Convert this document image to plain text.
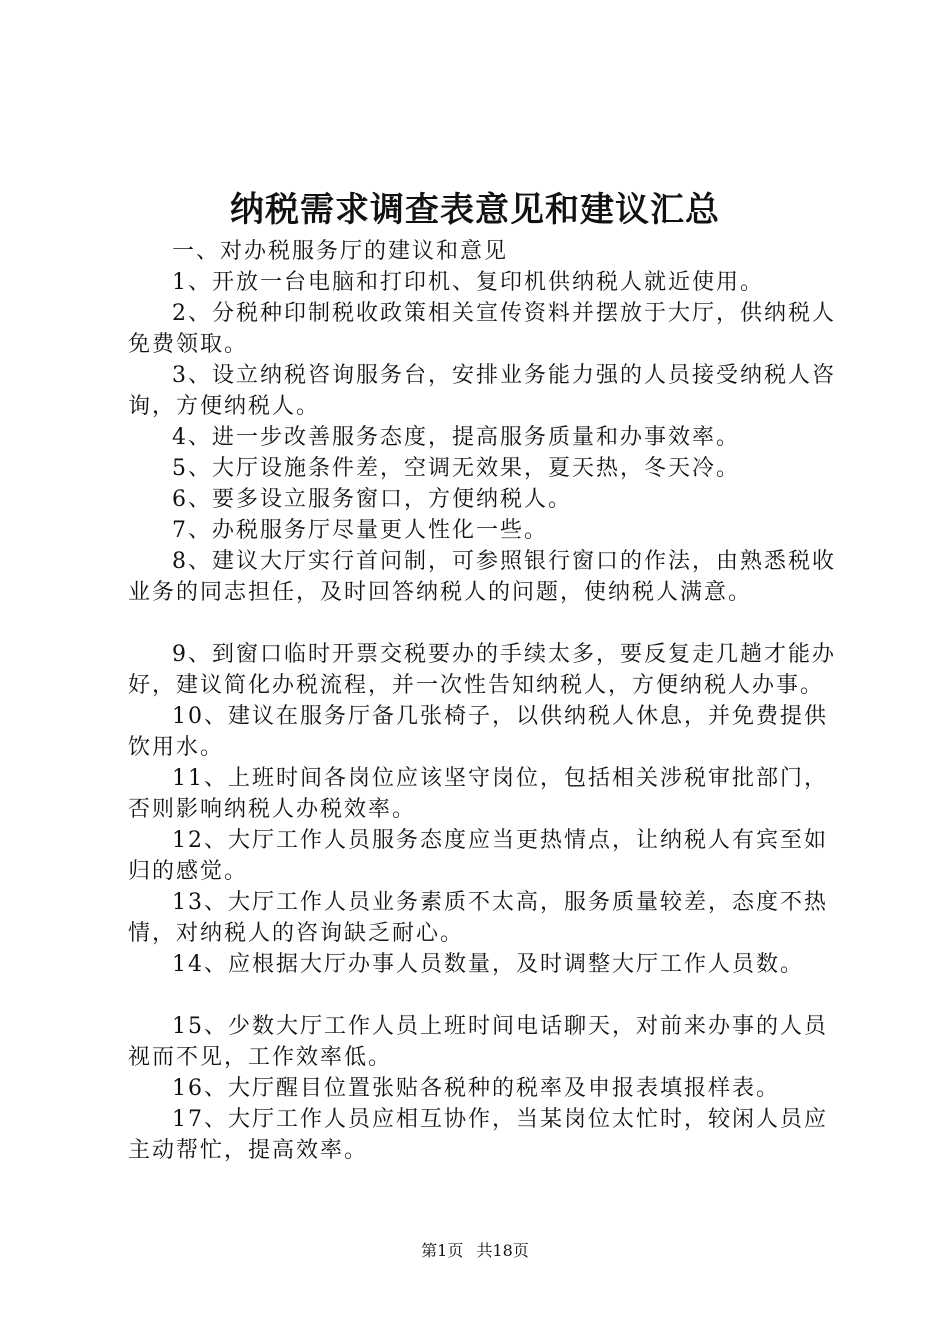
纳税需求调查表意见和建议汇总

一、对办税服务厅的建议和意见

1、开放一台电脑和打印机、复印机供纳税人就近使用。

2、分税种印制税收政策相关宣传资料并摆放于大厅，供纳税人免费领取。

3、设立纳税咨询服务台，安排业务能力强的人员接受纳税人咨询，方便纳税人。

4、进一步改善服务态度，提高服务质量和办事效率。

5、大厅设施条件差，空调无效果，夏天热，冬天冷。

6、要多设立服务窗口，方便纳税人。

7、办税服务厅尽量更人性化一些。

8、建议大厅实行首问制，可参照银行窗口的作法，由熟悉税收业务的同志担任，及时回答纳税人的问题，使纳税人满意。

9、到窗口临时开票交税要办的手续太多，要反复走几趟才能办好，建议简化办税流程，并一次性告知纳税人，方便纳税人办事。

10、建议在服务厅备几张椅子，以供纳税人休息，并免费提供饮用水。

11、上班时间各岗位应该坚守岗位，包括相关涉税审批部门，否则影响纳税人办税效率。

12、大厅工作人员服务态度应当更热情点，让纳税人有宾至如归的感觉。

13、大厅工作人员业务素质不太高，服务质量较差，态度不热情，对纳税人的咨询缺乏耐心。

14、应根据大厅办事人员数量，及时调整大厅工作人员数。

15、少数大厅工作人员上班时间电话聊天，对前来办事的人员视而不见，工作效率低。

16、大厅醒目位置张贴各税种的税率及申报表填报样表。

17、大厅工作人员应相互协作，当某岗位太忙时，较闲人员应主动帮忙，提高效率。

第1页 共18页
